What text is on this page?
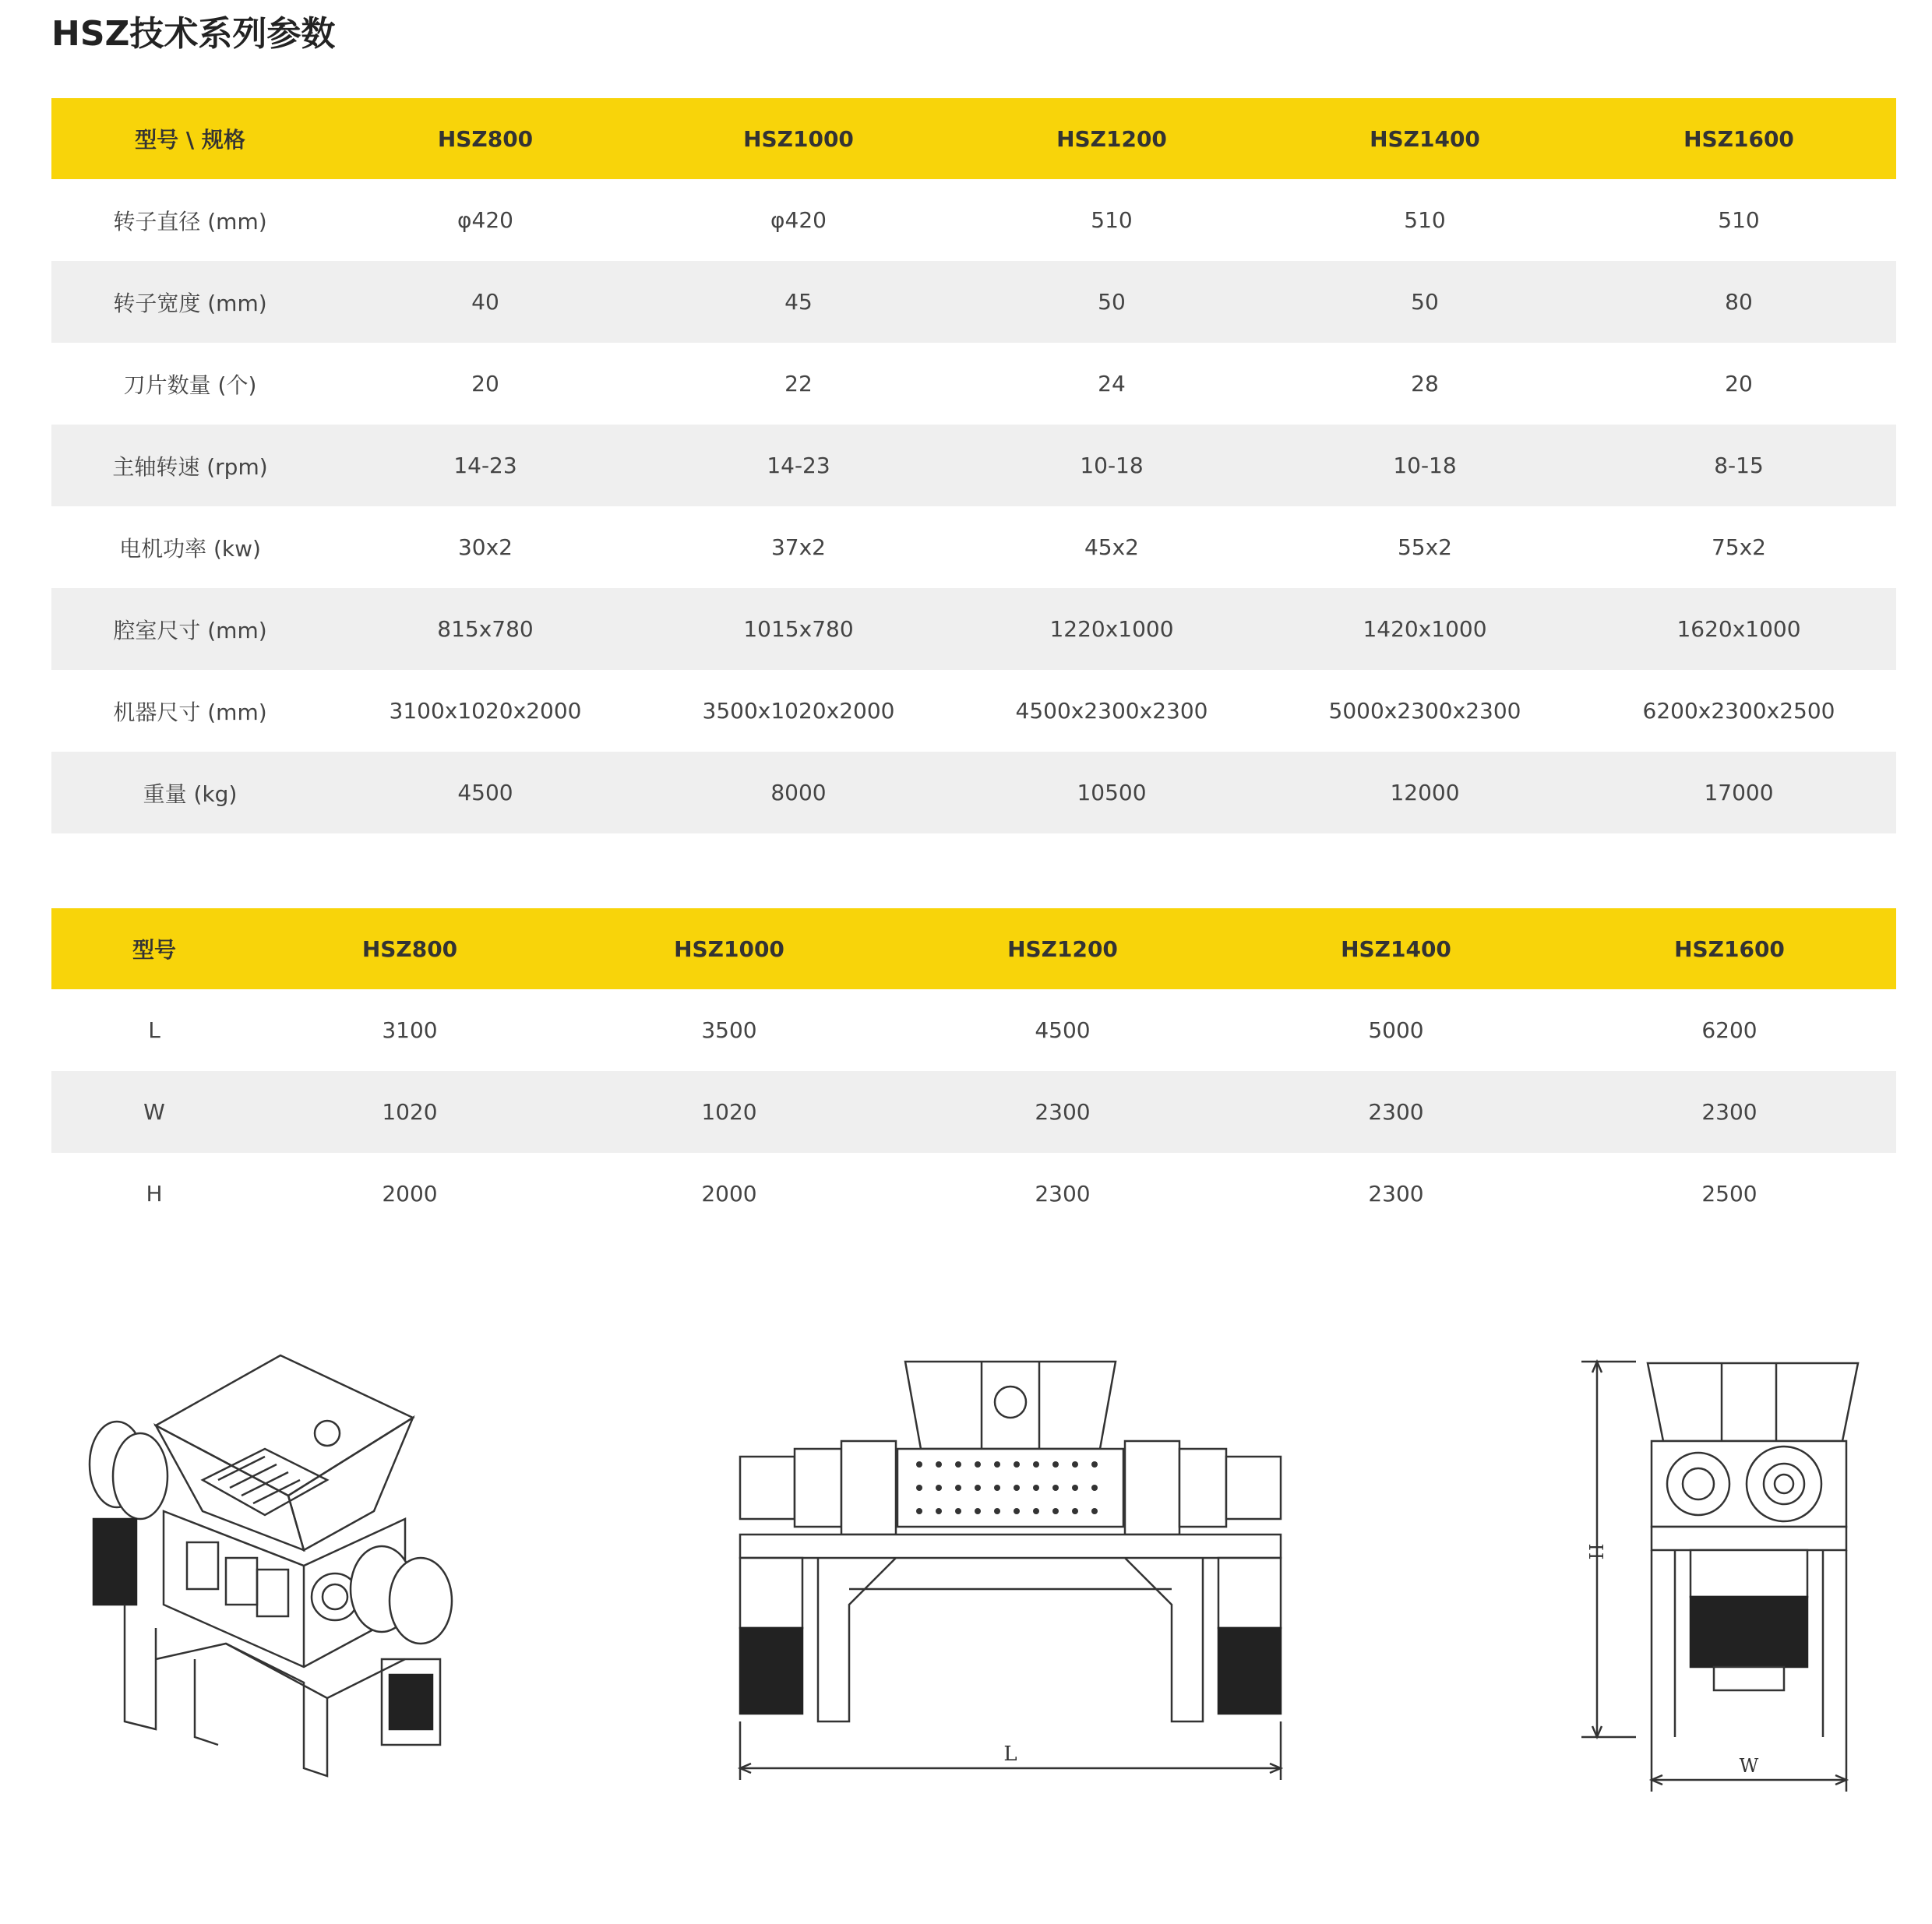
HSZ技术系列参数
型号 \ 规格	HSZ800	HSZ1000	HSZ1200	HSZ1400	HSZ1600
转子直径 (mm)	φ420	φ420	510	510	510
转子宽度 (mm)	40	45	50	50	80
刀片数量 (个)	20	22	24	28	20
主轴转速 (rpm)	14-23	14-23	10-18	10-18	8-15
电机功率 (kw)	30x2	37x2	45x2	55x2	75x2
腔室尺寸 (mm)	815x780	1015x780	1220x1000	1420x1000	1620x1000
机器尺寸 (mm)	3100x1020x2000	3500x1020x2000	4500x2300x2300	5000x2300x2300	6200x2300x2500
重量 (kg)	4500	8000	10500	12000	17000
型号	HSZ800	HSZ1000	HSZ1200	HSZ1400	HSZ1600
L	3100	3500	4500	5000	6200
W	1020	1020	2300	2300	2300
H	2000	2000	2300	2300	2500
L
H
W
